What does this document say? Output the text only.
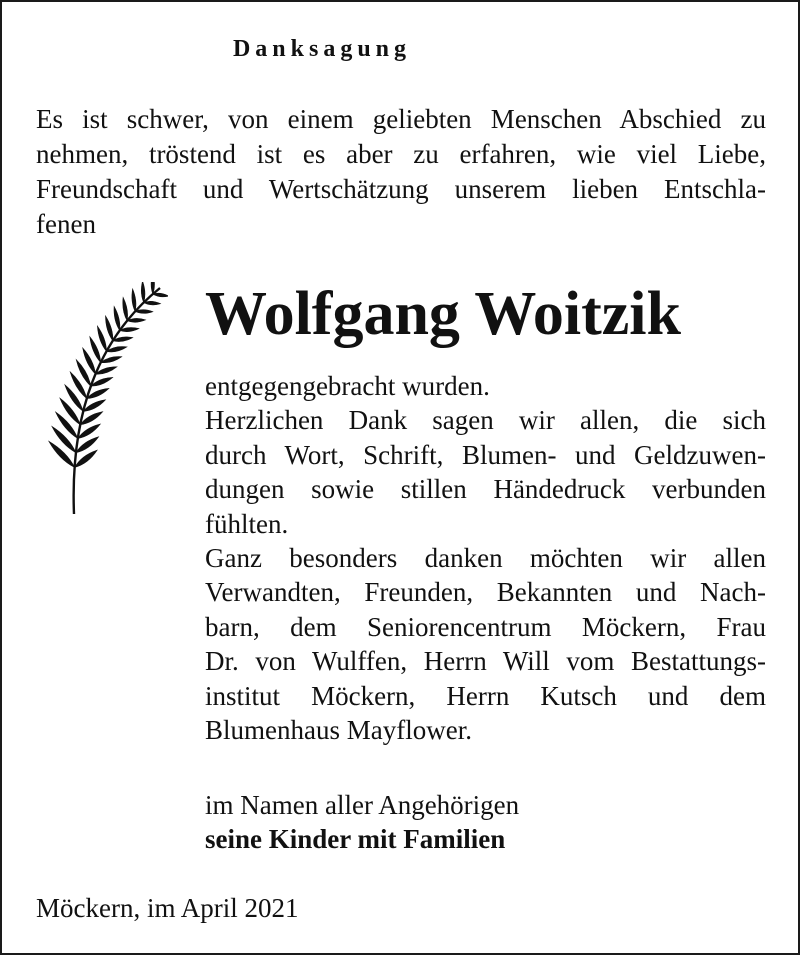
Danksagung
Es ist schwer, von einem geliebten Menschen Abschied zu
nehmen, tröstend ist es aber zu erfahren, wie viel Liebe,
Freundschaft und Wertschätzung unserem lieben Entschla-
fenen
Wolfgang Woitzik
entgegengebracht wurden.
Herzlichen Dank sagen wir allen, die sich
durch Wort, Schrift, Blumen- und Geldzuwen-
dungen sowie stillen Händedruck verbunden
fühlten.
Ganz besonders danken möchten wir allen
Verwandten, Freunden, Bekannten und Nach-
barn, dem Seniorencentrum Möckern, Frau
Dr. von Wulffen, Herrn Will vom Bestattungs-
institut Möckern, Herrn Kutsch und dem
Blumenhaus Mayflower.
im Namen aller Angehörigen
seine Kinder mit Familien
Möckern, im April 2021
